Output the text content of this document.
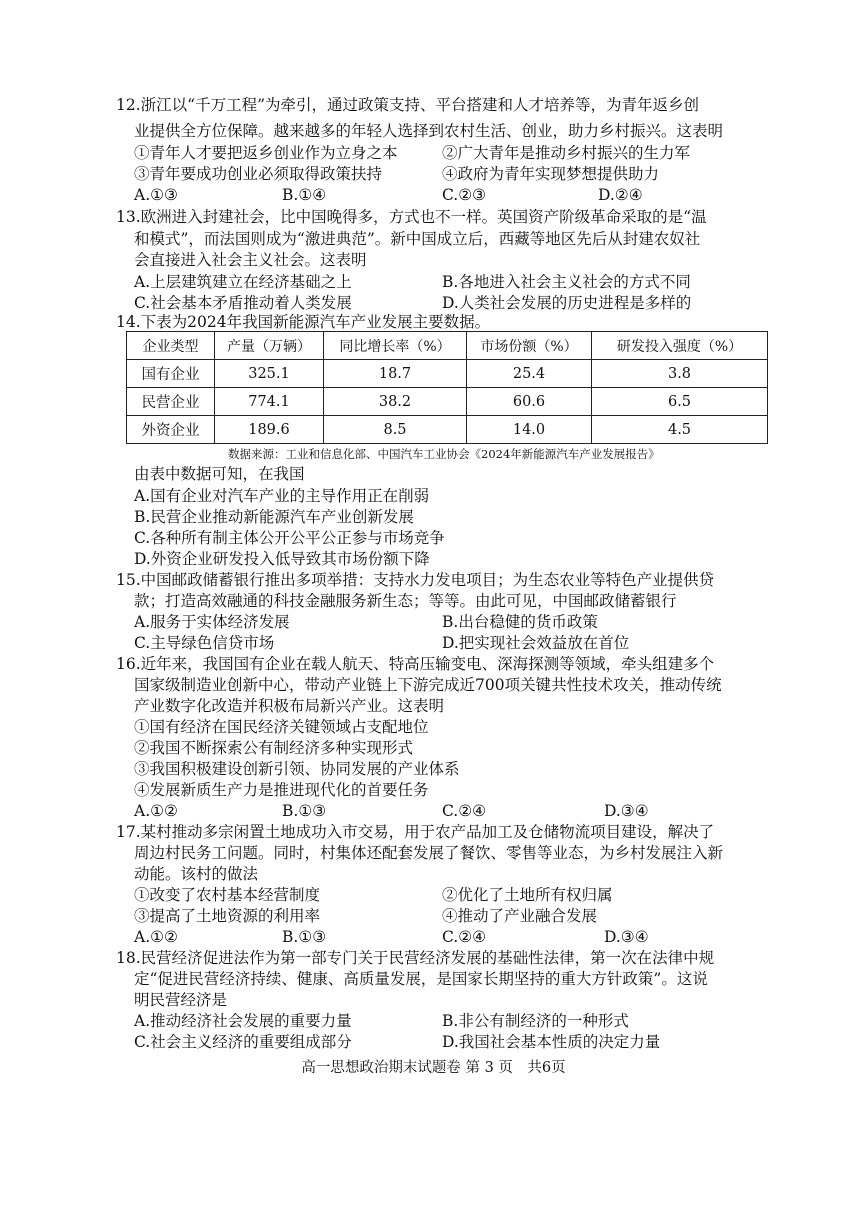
12.浙江以“千万工程”为牵引，通过政策支持、平台搭建和人才培养等，为青年返乡创
业提供全方位保障。越来越多的年轻人选择到农村生活、创业，助力乡村振兴。这表明
①青年人才要把返乡创业作为立身之本	②广大青年是推动乡村振兴的生力军
③青年要成功创业必须取得政策扶持	④政府为青年实现梦想提供助力
A.①③	B.①④	C.②③	D.②④
13.欧洲进入封建社会，比中国晚得多，方式也不一样。英国资产阶级革命采取的是“温
和模式”，而法国则成为“激进典范”。新中国成立后，西藏等地区先后从封建农奴社
会直接进入社会主义社会。这表明
A.上层建筑建立在经济基础之上	B.各地进入社会主义社会的方式不同
C.社会基本矛盾推动着人类发展	D.人类社会发展的历史进程是多样的
14.下表为2024年我国新能源汽车产业发展主要数据。
企业类型	产量（万辆）	同比增长率（%）	市场份额（%）	研发投入强度（%）
国有企业	325.1	18.7	25.4	3.8
民营企业	774.1	38.2	60.6	6.5
外资企业	189.6	8.5	14.0	4.5
数据来源：工业和信息化部、中国汽车工业协会《2024年新能源汽车产业发展报告》
由表中数据可知，在我国
A.国有企业对汽车产业的主导作用正在削弱
B.民营企业推动新能源汽车产业创新发展
C.各种所有制主体公开公平公正参与市场竞争
D.外资企业研发投入低导致其市场份额下降
15.中国邮政储蓄银行推出多项举措：支持水力发电项目；为生态农业等特色产业提供贷
款；打造高效融通的科技金融服务新生态；等等。由此可见，中国邮政储蓄银行
A.服务于实体经济发展	B.出台稳健的货币政策
C.主导绿色信贷市场	D.把实现社会效益放在首位
16.近年来，我国国有企业在载人航天、特高压输变电、深海探测等领域，牵头组建多个
国家级制造业创新中心，带动产业链上下游完成近700项关键共性技术攻关，推动传统
产业数字化改造并积极布局新兴产业。这表明
①国有经济在国民经济关键领域占支配地位
②我国不断探索公有制经济多种实现形式
③我国积极建设创新引领、协同发展的产业体系
④发展新质生产力是推进现代化的首要任务
A.①②	B.①③	C.②④	D.③④
17.某村推动多宗闲置土地成功入市交易，用于农产品加工及仓储物流项目建设，解决了
周边村民务工问题。同时，村集体还配套发展了餐饮、零售等业态，为乡村发展注入新
动能。该村的做法
①改变了农村基本经营制度	②优化了土地所有权归属
③提高了土地资源的利用率	④推动了产业融合发展
A.①②	B.①③	C.②④	D.③④
18.民营经济促进法作为第一部专门关于民营经济发展的基础性法律，第一次在法律中规
定“促进民营经济持续、健康、高质量发展，是国家长期坚持的重大方针政策”。这说
明民营经济是
A.推动经济社会发展的重要力量	B.非公有制经济的一种形式
C.社会主义经济的重要组成部分	D.我国社会基本性质的决定力量
高一思想政治期末试题卷 第 3 页　共6页
